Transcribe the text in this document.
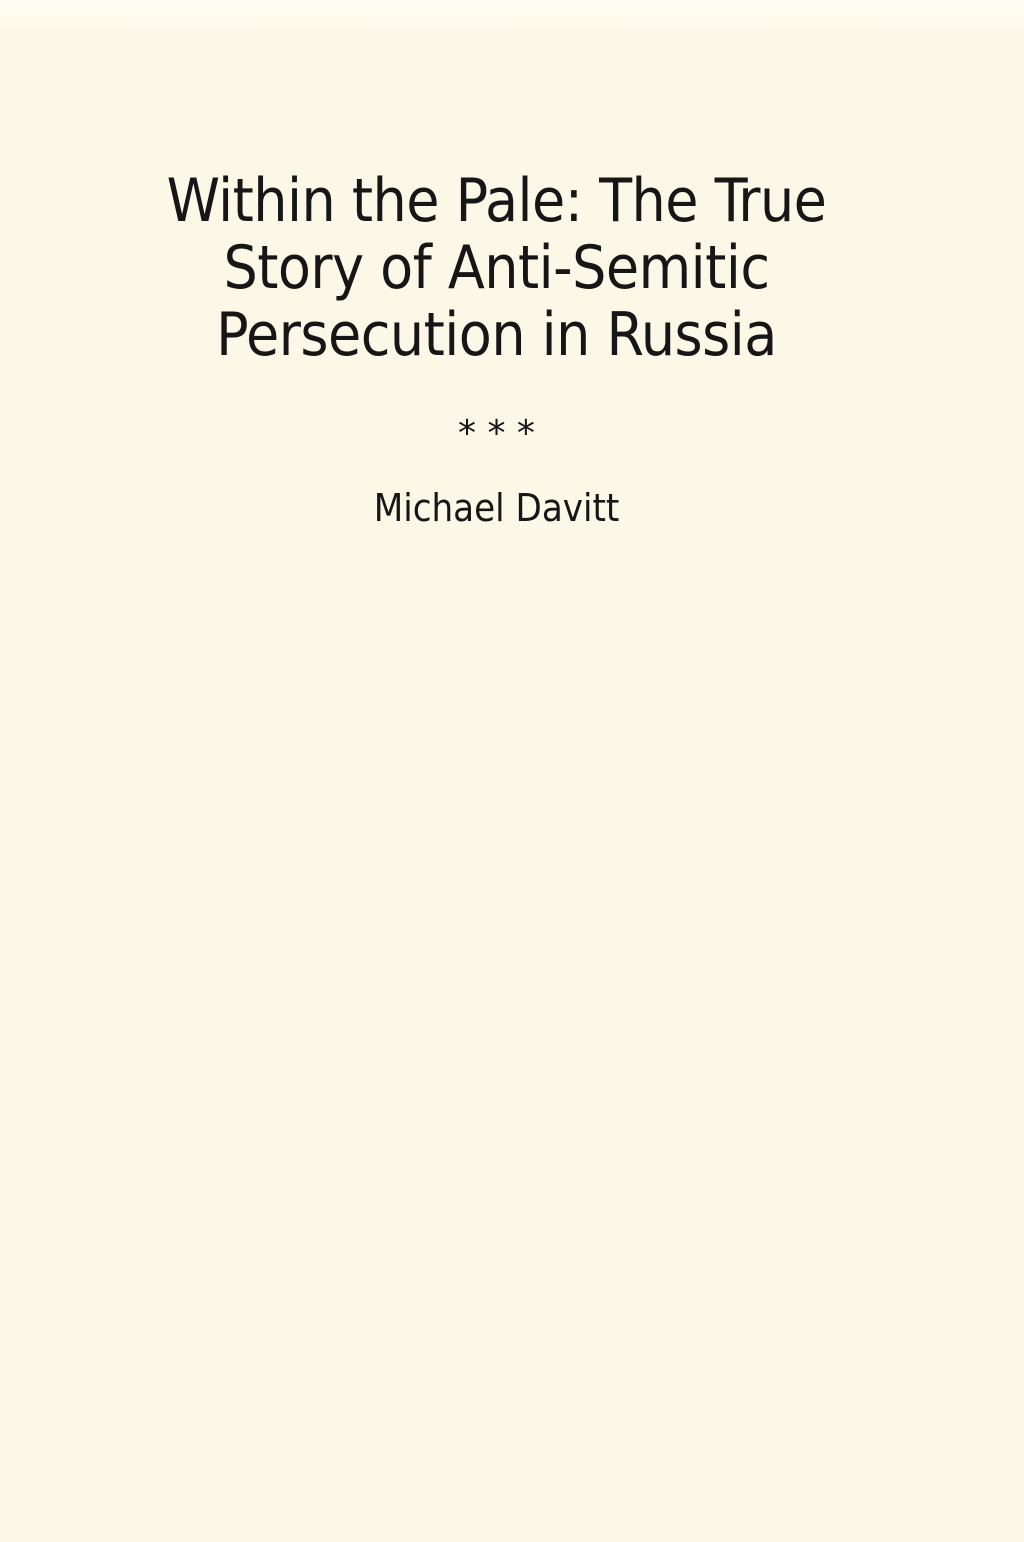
Within the Pale: The True
Story of Anti-Semitic
Persecution in Russia
* * *
Michael Davitt
